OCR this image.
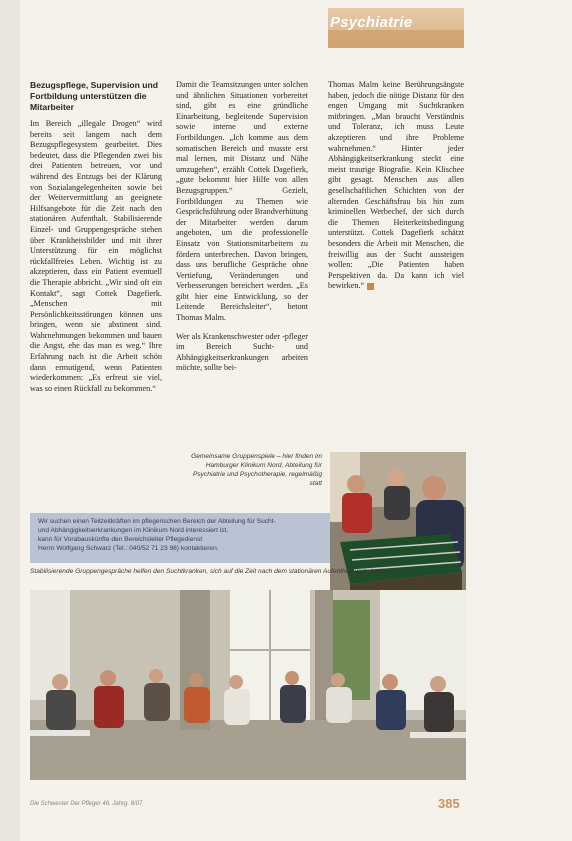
Psychiatrie
Bezugspflege, Supervision und Fortbildung unterstützen die Mitarbeiter

Im Bereich „illegale Drogen“ wird bereits seit langem nach dem Bezugspflegesystem gearbeitet. Dies bedeutet, dass die Pflegenden zwei bis drei Patienten betreuen, vor und während des Entzugs bei der Klärung von Sozialangelegenheiten sowie bei der Weitervermittlung an geeignete Hilfsangebote für die Zeit nach den stationären Aufenthalt. Stabilisierende Einzel- und Gruppengespräche stehen über Krankheitsbilder und mit ihrer Unterstützung für ein möglichst rückfallfreies Leben. Wichtig ist zu akzeptieren, dass ein Patient eventuell die Therapie abbricht. „Wir sind oft ein Kontakt“, sagt Cottek Dagefierk. „Menschen mit Persönlichkeitsstörungen können uns bringen, wenn sie abstinent sind. Wahrnehmungen bekommen und bauen die Angst, ehe das man es weg.“ Ihre Erfahrung nach ist die Arbeit schön dann ermutigend, wenn Patienten wiederkommen: „Es erfreut sie viel, was so einen Rückfall zu bekommen.“

Damit die Teamsitzungen unter solchen und ähnlichen Situationen vorbereitet sind, gibt es eine gründliche Einarbeitung, begleitende Supervision sowie interne und externe Fortbildungen. „Ich komme aus dem somatischen Bereich und musste erst mal lernen, mit Distanz und Nähe umzugehen“, erzählt Cottek Dagefierk, „gute bekommt hier Hilfe von allen Bezugsgruppen.“ Gezielt, Fortbildungen zu Themen wie Gesprächsführung oder Brandverhütung der Mitarbeiter werden darum angeboten, um die professionelle Einsatz von Stationsmitarbeitern zu fördern unterbrechen. Davon bringen, dass uns berufliche Gespräche ohne Vertiefung, Veränderungen und Verbesserungen bereichert werden. „Es gibt hier eine Entwicklung, so der Leitende Bereichsleiter“, betont Thomas Malm.

Wer als Krankenschwester oder -pfleger im Bereich Sucht- und Abhängigkeitserkrankungen arbeiten möchte, sollte bei-

Thomas Malm keine Berührungsängste haben, jedoch die nötige Distanz für den engen Umgang mit Suchtkranken mitbringen. „Man braucht Verständnis und Toleranz, ich muss Leute akzeptieren und ihre Probleme wahrnehmen.“ Hinter jeder Abhängigkeitserkrankung steckt eine meist traurige Biografie. Kein Klischee gibt gesagt. Menschen aus allen gesellschaftlichen Schichten von der alternden Geschäftsfrau bis hin zum kriminellen Werbechef, der sich durch die Themen Heiterkeitsbedingung unterstützt. Cottek Dagefierk schätzt besonders die Arbeit mit Menschen, die freiwillig aus der Sucht aussteigen wollen: „Die Patienten haben Perspektiven da. Da kann ich viel bewirken.“

Gemeinsame Gruppenspiele – hier finden im Hamburger Klinikum Nord, Abteilung für Psychiatrie und Psychotherapie, regelmäßig statt
Wir suchen einen Teilzeitkräften im pflegerischen Bereich der Abteilung für Sucht-
und Abhängigkeitserkrankungen im Klinikum Nord interessiert ist,
kann für Vorabauskünfte den Bereichsleiter Pflegedienst
Herrn Wolfgang Schwarz (Tel.: 040/52 71 23 98) kontaktieren.
Stabilisierende Gruppengespräche helfen den Suchtkranken, sich auf die Zeit nach dem stationären Aufenthalt vorzubereiten
Die Schwester Der Pfleger 46. Jahrg. 8/07	385
